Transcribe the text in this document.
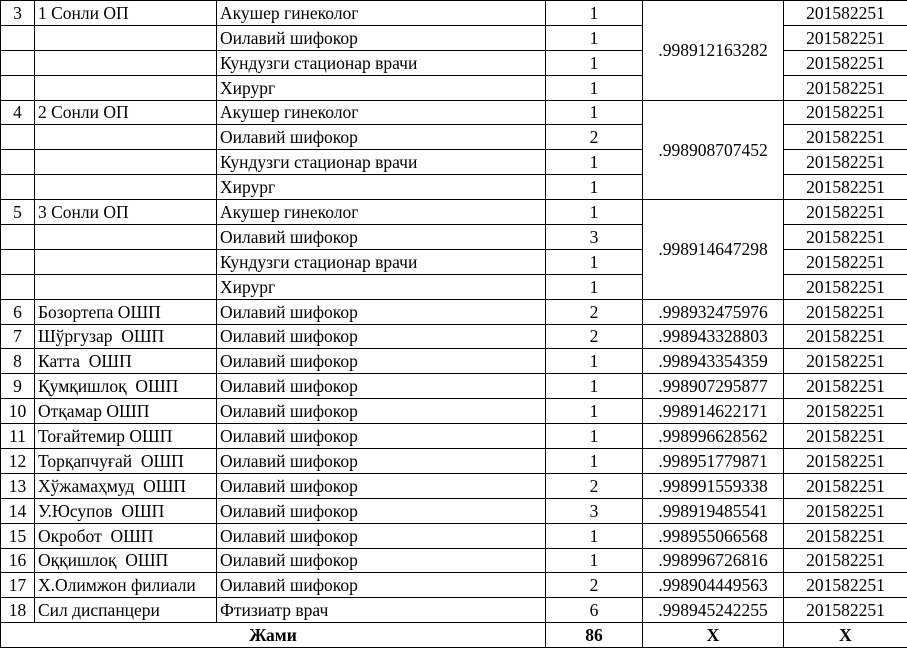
3	1 Сонли ОП	Акушер гинеколог	1	.998912163282	201582251
		Оилавий шифокор	1		201582251
		Кундузги стационар врачи	1		201582251
		Хирург	1		201582251
4	2 Сонли ОП	Акушер гинеколог	1	.998908707452	201582251
		Оилавий шифокор	2		201582251
		Кундузги стационар врачи	1		201582251
		Хирург	1		201582251
5	3 Сонли ОП	Акушер гинеколог	1	.998914647298	201582251
		Оилавий шифокор	3		201582251
		Кундузги стационар врачи	1		201582251
		Хирург	1		201582251
6	Бозортепа ОШП	Оилавий шифокор	2	.998932475976	201582251
7	Шўргузар  ОШП	Оилавий шифокор	2	.998943328803	201582251
8	Катта  ОШП	Оилавий шифокор	1	.998943354359	201582251
9	Қумқишлоқ  ОШП	Оилавий шифокор	1	.998907295877	201582251
10	Отқамар ОШП	Оилавий шифокор	1	.998914622171	201582251
11	Тоғайтемир ОШП	Оилавий шифокор	1	.998996628562	201582251
12	Торқапчуғай  ОШП	Оилавий шифокор	1	.998951779871	201582251
13	Хўжамаҳмуд  ОШП	Оилавий шифокор	2	.998991559338	201582251
14	У.Юсупов  ОШП	Оилавий шифокор	3	.998919485541	201582251
15	Окробот  ОШП	Оилавий шифокор	1	.998955066568	201582251
16	Оққишлоқ  ОШП	Оилавий шифокор	1	.998996726816	201582251
17	Х.Олимжон филиали	Оилавий шифокор	2	.998904449563	201582251
18	Сил диспанцери	Фтизиатр врач	6	.998945242255	201582251
Жами			86	Х	Х
